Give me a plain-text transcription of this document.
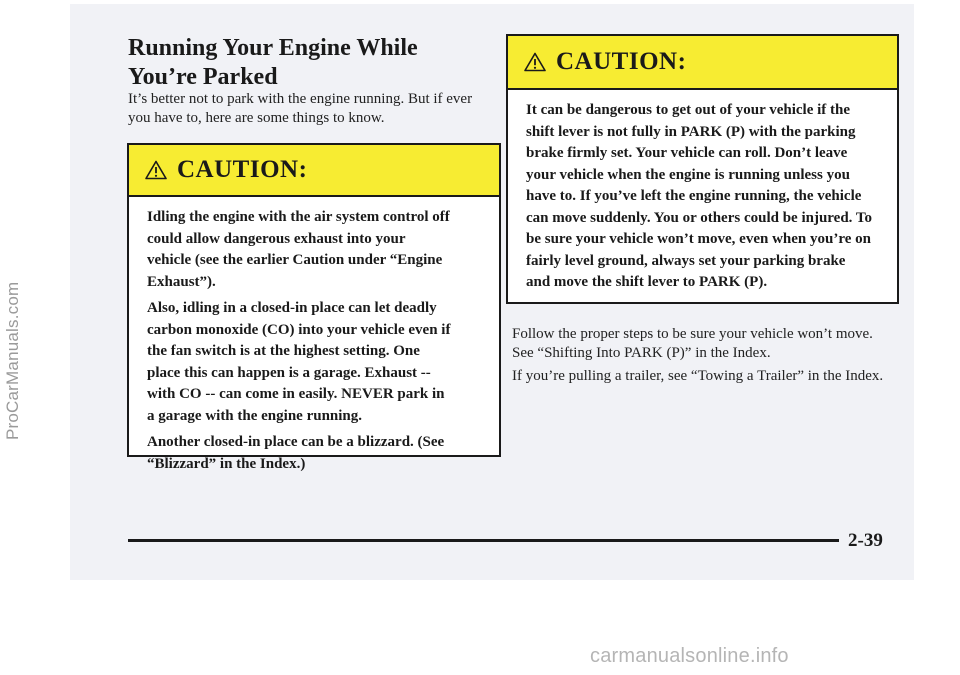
ProCarManuals.com
Running Your Engine While
You’re Parked

It’s better not to park with the engine running. But if ever you have to, here are some things to know.

CAUTION:

Idling the engine with the air system control off could allow dangerous exhaust into your vehicle (see the earlier Caution under “Engine Exhaust”).

Also, idling in a closed-in place can let deadly carbon monoxide (CO) into your vehicle even if the fan switch is at the highest setting. One place this can happen is a garage. Exhaust -- with CO -- can come in easily. NEVER park in a garage with the engine running.

Another closed-in place can be a blizzard. (See “Blizzard” in the Index.)

CAUTION:

It can be dangerous to get out of your vehicle if the shift lever is not fully in PARK (P) with the parking brake firmly set. Your vehicle can roll. Don’t leave your vehicle when the engine is running unless you have to. If you’ve left the engine running, the vehicle can move suddenly. You or others could be injured. To be sure your vehicle won’t move, even when you’re on fairly level ground, always set your parking brake and move the shift lever to PARK (P).

Follow the proper steps to be sure your vehicle won’t move. See “Shifting Into PARK (P)” in the Index.

If you’re pulling a trailer, see “Towing a Trailer” in the Index.

2-39
carmanualsonline.info
